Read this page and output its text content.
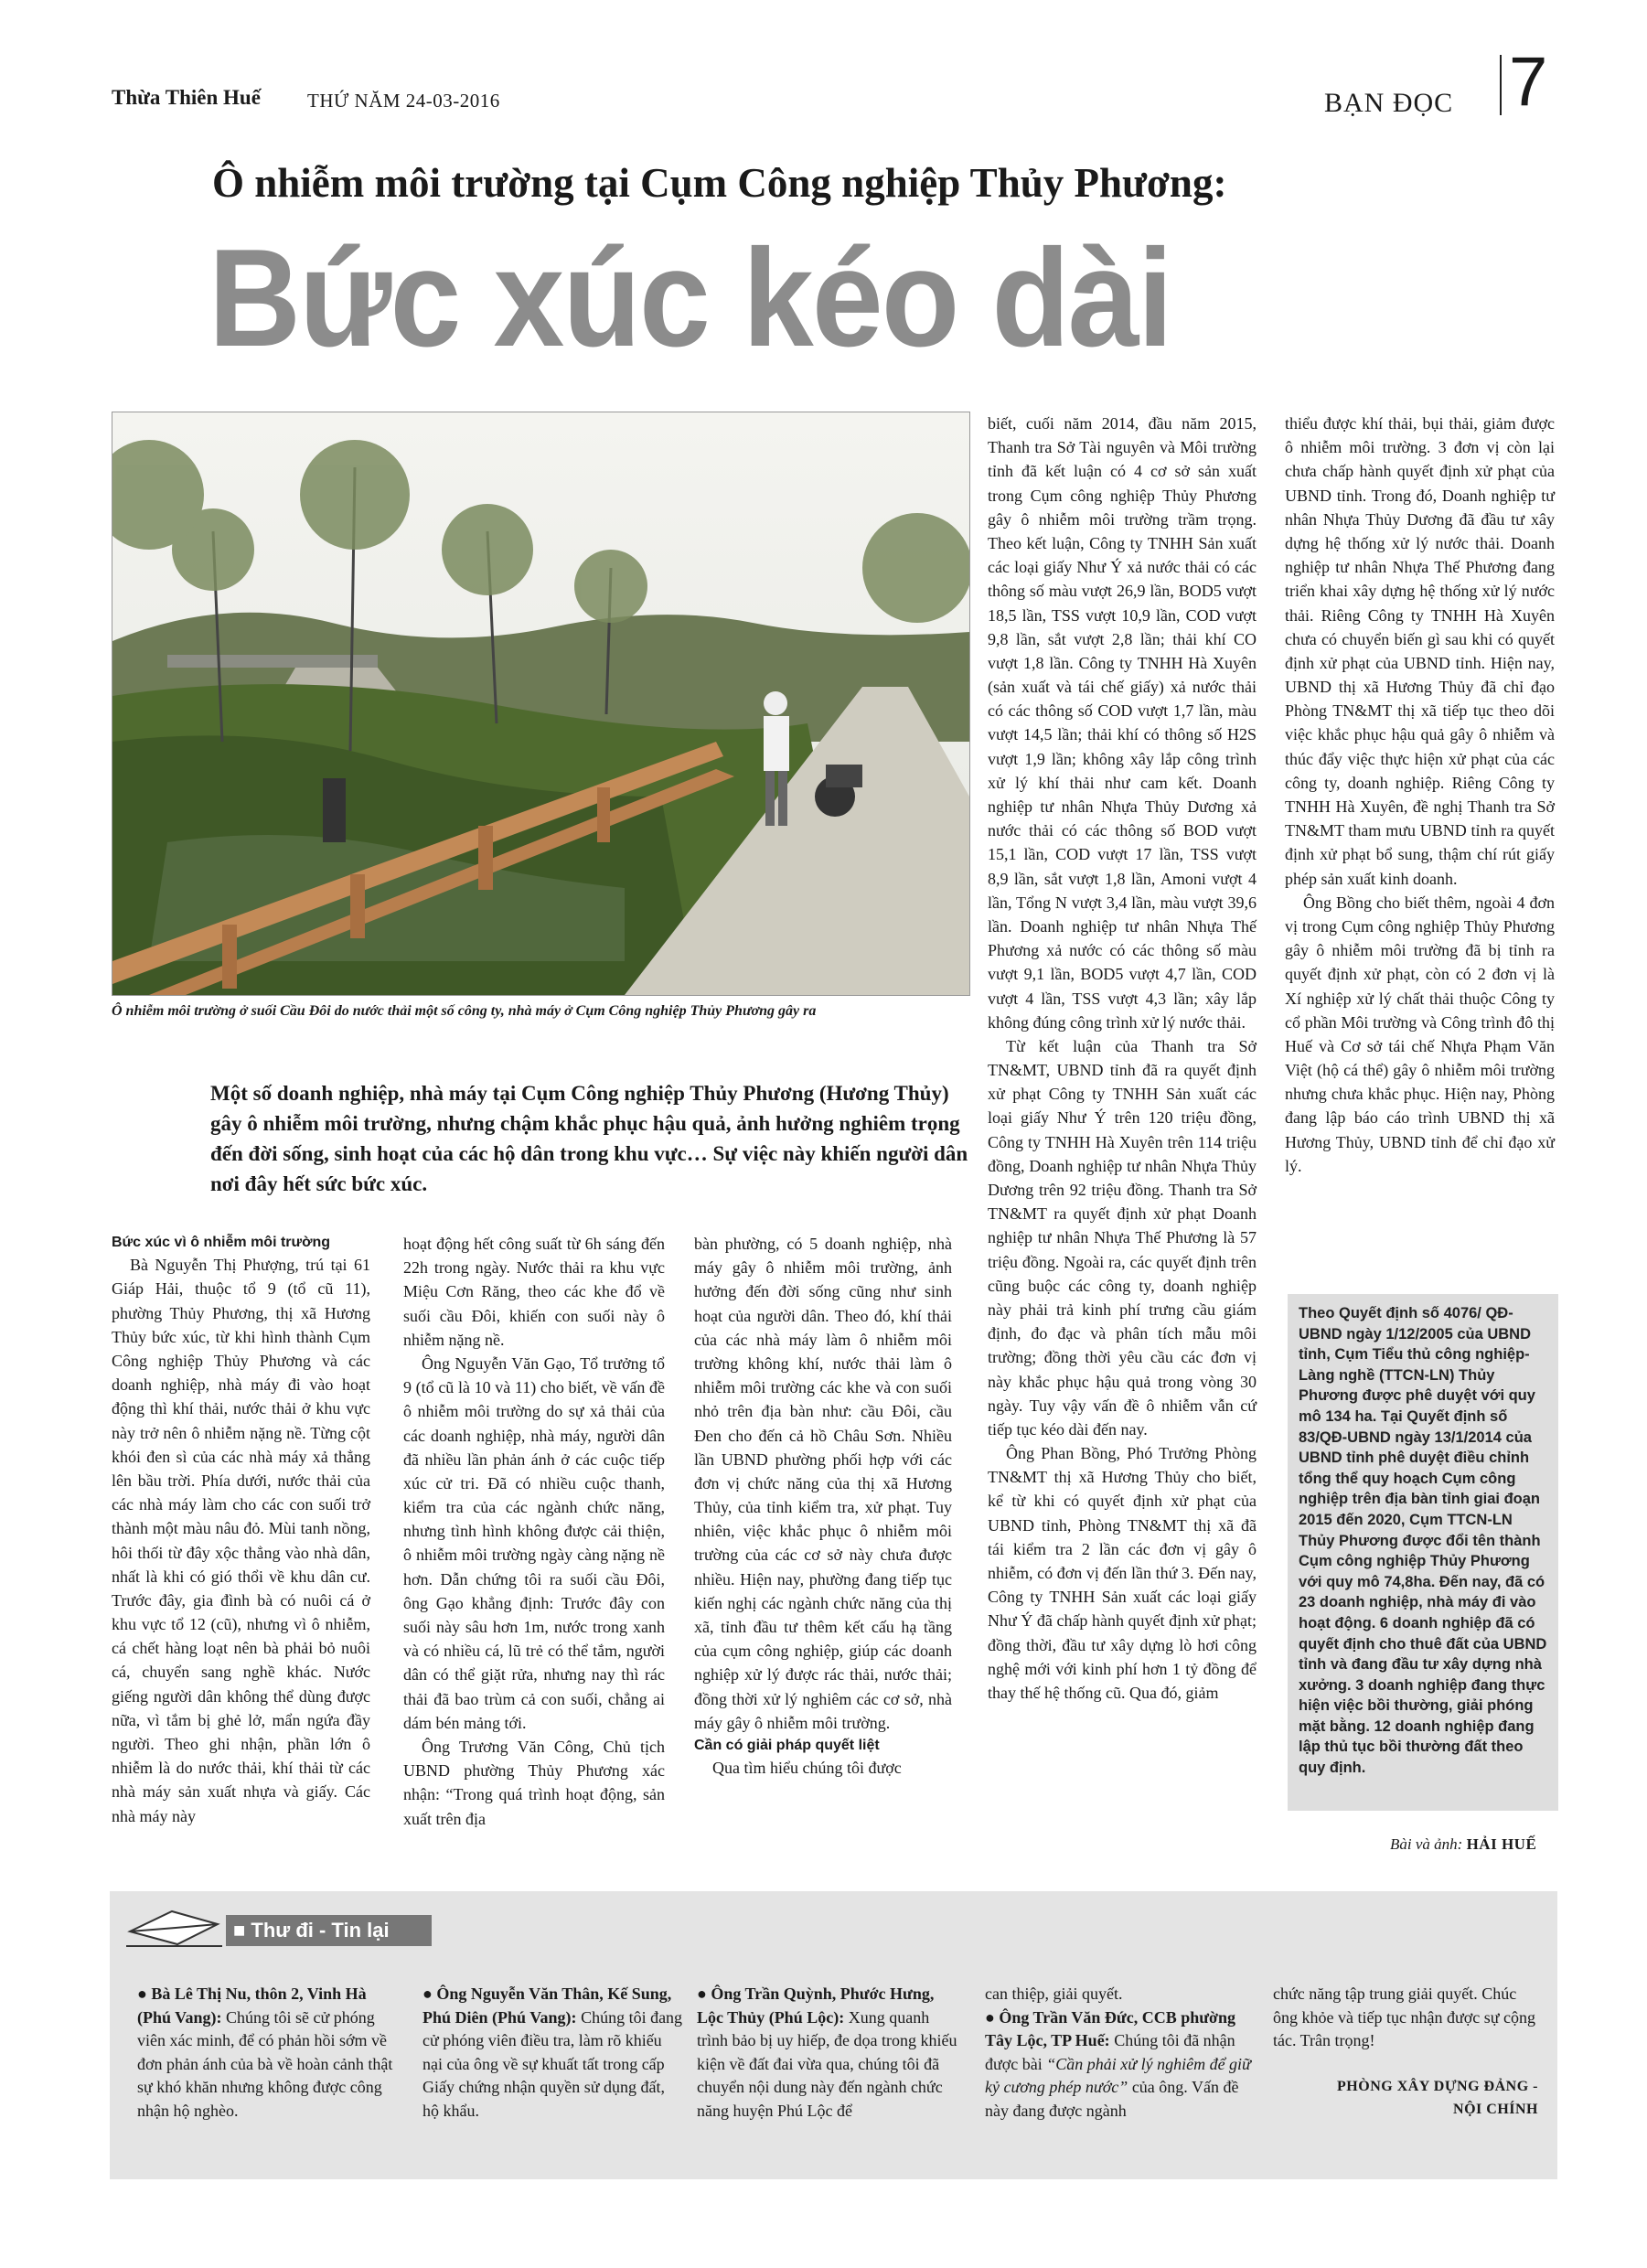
Thừa Thiên Huế THỨ NĂM 24-03-2016	BẠN ĐỌC 7
Ô nhiễm môi trường tại Cụm Công nghiệp Thủy Phương:
Bức xúc kéo dài
Ô nhiễm môi trường ở suối Cầu Đôi do nước thải một số công ty, nhà máy ở Cụm Công nghiệp Thủy Phương gây ra
Một số doanh nghiệp, nhà máy tại Cụm Công nghiệp Thủy Phương (Hương Thủy) gây ô nhiễm môi trường, nhưng chậm khắc phục hậu quả, ảnh hưởng nghiêm trọng đến đời sống, sinh hoạt của các hộ dân trong khu vực… Sự việc này khiến người dân nơi đây hết sức bức xúc.

Bức xúc vì ô nhiễm môi trường

Bà Nguyễn Thị Phượng, trú tại 61 Giáp Hải, thuộc tổ 9 (tổ cũ 11), phường Thủy Phương, thị xã Hương Thủy bức xúc, từ khi hình thành Cụm Công nghiệp Thủy Phương và các doanh nghiệp, nhà máy đi vào hoạt động thì khí thải, nước thải ở khu vực này trở nên ô nhiễm nặng nề. Từng cột khói đen sì của các nhà máy xả thẳng lên bầu trời. Phía dưới, nước thải của các nhà máy làm cho các con suối trở thành một màu nâu đỏ. Mùi tanh nồng, hôi thối từ đây xộc thẳng vào nhà dân, nhất là khi có gió thổi về khu dân cư. Trước đây, gia đình bà có nuôi cá ở khu vực tổ 12 (cũ), nhưng vì ô nhiễm, cá chết hàng loạt nên bà phải bỏ nuôi cá, chuyển sang nghề khác. Nước giếng người dân không thể dùng được nữa, vì tắm bị ghẻ lở, mẩn ngứa đầy người. Theo ghi nhận, phần lớn ô nhiễm là do nước thải, khí thải từ các nhà máy sản xuất nhựa và giấy. Các nhà máy này

hoạt động hết công suất từ 6h sáng đến 22h trong ngày. Nước thải ra khu vực Miệu Cơn Răng, theo các khe đổ về suối cầu Đôi, khiến con suối này ô nhiễm nặng nề.

Ông Nguyễn Văn Gạo, Tổ trưởng tổ 9 (tổ cũ là 10 và 11) cho biết, về vấn đề ô nhiễm môi trường do sự xả thải của các doanh nghiệp, nhà máy, người dân đã nhiều lần phản ánh ở các cuộc tiếp xúc cử tri. Đã có nhiều cuộc thanh, kiểm tra của các ngành chức năng, nhưng tình hình không được cải thiện, ô nhiễm môi trường ngày càng nặng nề hơn. Dẫn chứng tôi ra suối cầu Đôi, ông Gạo khẳng định: Trước đây con suối này sâu hơn 1m, nước trong xanh và có nhiều cá, lũ trẻ có thể tắm, người dân có thể giặt rửa, nhưng nay thì rác thải đã bao trùm cả con suối, chẳng ai dám bén mảng tới.

Ông Trương Văn Công, Chủ tịch UBND phường Thủy Phương xác nhận: “Trong quá trình hoạt động, sản xuất trên địa

bàn phường, có 5 doanh nghiệp, nhà máy gây ô nhiễm môi trường, ảnh hưởng đến đời sống cũng như sinh hoạt của người dân. Theo đó, khí thải của các nhà máy làm ô nhiễm môi trường không khí, nước thải làm ô nhiễm môi trường các khe và con suối nhỏ trên địa bàn như: cầu Đôi, cầu Đen cho đến cả hồ Châu Sơn. Nhiều lần UBND phường phối hợp với các đơn vị chức năng của thị xã Hương Thủy, của tỉnh kiểm tra, xử phạt. Tuy nhiên, việc khắc phục ô nhiễm môi trường của các cơ sở này chưa được nhiều. Hiện nay, phường đang tiếp tục kiến nghị các ngành chức năng của thị xã, tỉnh đầu tư thêm kết cấu hạ tầng của cụm công nghiệp, giúp các doanh nghiệp xử lý được rác thải, nước thải; đồng thời xử lý nghiêm các cơ sở, nhà máy gây ô nhiễm môi trường.

Cần có giải pháp quyết liệt

Qua tìm hiểu chúng tôi được

biết, cuối năm 2014, đầu năm 2015, Thanh tra Sở Tài nguyên và Môi trường tỉnh đã kết luận có 4 cơ sở sản xuất trong Cụm công nghiệp Thủy Phương gây ô nhiễm môi trường trầm trọng. Theo kết luận, Công ty TNHH Sản xuất các loại giấy Như Ý xả nước thải có các thông số màu vượt 26,9 lần, BOD5 vượt 18,5 lần, TSS vượt 10,9 lần, COD vượt 9,8 lần, sắt vượt 2,8 lần; thải khí CO vượt 1,8 lần. Công ty TNHH Hà Xuyên (sản xuất và tái chế giấy) xả nước thải có các thông số COD vượt 1,7 lần, màu vượt 14,5 lần; thải khí có thông số H2S vượt 1,9 lần; không xây lắp công trình xử lý khí thải như cam kết. Doanh nghiệp tư nhân Nhựa Thủy Dương xả nước thải có các thông số BOD vượt 15,1 lần, COD vượt 17 lần, TSS vượt 8,9 lần, sắt vượt 1,8 lần, Amoni vượt 4 lần, Tổng N vượt 3,4 lần, màu vượt 39,6 lần. Doanh nghiệp tư nhân Nhựa Thế Phương xả nước có các thông số màu vượt 9,1 lần, BOD5 vượt 4,7 lần, COD vượt 4 lần, TSS vượt 4,3 lần; xây lắp không đúng công trình xử lý nước thải.

Từ kết luận của Thanh tra Sở TN&MT, UBND tỉnh đã ra quyết định xử phạt Công ty TNHH Sản xuất các loại giấy Như Ý trên 120 triệu đồng, Công ty TNHH Hà Xuyên trên 114 triệu đồng, Doanh nghiệp tư nhân Nhựa Thủy Dương trên 92 triệu đồng. Thanh tra Sở TN&MT ra quyết định xử phạt Doanh nghiệp tư nhân Nhựa Thế Phương là 57 triệu đồng. Ngoài ra, các quyết định trên cũng buộc các công ty, doanh nghiệp này phải trả kinh phí trưng cầu giám định, đo đạc và phân tích mẫu môi trường; đồng thời yêu cầu các đơn vị này khắc phục hậu quả trong vòng 30 ngày. Tuy vậy vấn đề ô nhiễm vẫn cứ tiếp tục kéo dài đến nay.

Ông Phan Bồng, Phó Trưởng Phòng TN&MT thị xã Hương Thủy cho biết, kể từ khi có quyết định xử phạt của UBND tỉnh, Phòng TN&MT thị xã đã tái kiểm tra 2 lần các đơn vị gây ô nhiễm, có đơn vị đến lần thứ 3. Đến nay, Công ty TNHH Sản xuất các loại giấy Như Ý đã chấp hành quyết định xử phạt; đồng thời, đầu tư xây dựng lò hơi công nghệ mới với kinh phí hơn 1 tỷ đồng để thay thế hệ thống cũ. Qua đó, giảm

thiểu được khí thải, bụi thải, giảm được ô nhiễm môi trường. 3 đơn vị còn lại chưa chấp hành quyết định xử phạt của UBND tỉnh. Trong đó, Doanh nghiệp tư nhân Nhựa Thủy Dương đã đầu tư xây dựng hệ thống xử lý nước thải. Doanh nghiệp tư nhân Nhựa Thế Phương đang triển khai xây dựng hệ thống xử lý nước thải. Riêng Công ty TNHH Hà Xuyên chưa có chuyển biến gì sau khi có quyết định xử phạt của UBND tỉnh. Hiện nay, UBND thị xã Hương Thủy đã chỉ đạo Phòng TN&MT thị xã tiếp tục theo dõi việc khắc phục hậu quả gây ô nhiễm và thúc đẩy việc thực hiện xử phạt của các công ty, doanh nghiệp. Riêng Công ty TNHH Hà Xuyên, đề nghị Thanh tra Sở TN&MT tham mưu UBND tỉnh ra quyết định xử phạt bổ sung, thậm chí rút giấy phép sản xuất kinh doanh.

Ông Bồng cho biết thêm, ngoài 4 đơn vị trong Cụm công nghiệp Thủy Phương gây ô nhiễm môi trường đã bị tỉnh ra quyết định xử phạt, còn có 2 đơn vị là Xí nghiệp xử lý chất thải thuộc Công ty cổ phần Môi trường và Công trình đô thị Huế và Cơ sở tái chế Nhựa Phạm Văn Việt (hộ cá thể) gây ô nhiễm môi trường nhưng chưa khắc phục. Hiện nay, Phòng đang lập báo cáo trình UBND thị xã Hương Thủy, UBND tỉnh để chỉ đạo xử lý.

Theo Quyết định số 4076/ QĐ-UBND ngày 1/12/2005 của UBND tỉnh, Cụm Tiểu thủ công nghiệp-Làng nghề (TTCN-LN) Thủy Phương được phê duyệt với quy mô 134 ha. Tại Quyết định số 83/QĐ-UBND ngày 13/1/2014 của UBND tỉnh phê duyệt điều chỉnh tổng thể quy hoạch Cụm công nghiệp trên địa bàn tỉnh giai đoạn 2015 đến 2020, Cụm TTCN-LN Thủy Phương được đổi tên thành Cụm công nghiệp Thủy Phương với quy mô 74,8ha. Đến nay, đã có 23 doanh nghiệp, nhà máy đi vào hoạt động. 6 doanh nghiệp đã có quyết định cho thuê đất của UBND tỉnh và đang đầu tư xây dựng nhà xưởng. 3 doanh nghiệp đang thực hiện việc bồi thường, giải phóng mặt bằng. 12 doanh nghiệp đang lập thủ tục bồi thường đất theo quy định.
Bài và ảnh: HẢI HUẾ
■ Thư đi - Tin lại

● Bà Lê Thị Nu, thôn 2, Vinh Hà (Phú Vang): Chúng tôi sẽ cử phóng viên xác minh, để có phản hồi sớm về đơn phản ánh của bà về hoàn cảnh thật sự khó khăn nhưng không được công nhận hộ nghèo.

● Ông Nguyễn Văn Thân, Kế Sung, Phú Diên (Phú Vang): Chúng tôi đang cử phóng viên điều tra, làm rõ khiếu nại của ông về sự khuất tất trong cấp Giấy chứng nhận quyền sử dụng đất, hộ khẩu.

● Ông Trần Quỳnh, Phước Hưng, Lộc Thủy (Phú Lộc): Xung quanh trình bảo bị uy hiếp, đe dọa trong khiếu kiện về đất đai vừa qua, chúng tôi đã chuyển nội dung này đến ngành chức năng huyện Phú Lộc để

can thiệp, giải quyết.

● Ông Trần Văn Đức, CCB phường Tây Lộc, TP Huế: Chúng tôi đã nhận được bài “Cần phải xử lý nghiêm để giữ kỷ cương phép nước” của ông. Vấn đề này đang được ngành

chức năng tập trung giải quyết. Chúc ông khỏe và tiếp tục nhận được sự cộng tác. Trân trọng!

PHÒNG XÂY DỰNG ĐẢNG -
NỘI CHÍNH
